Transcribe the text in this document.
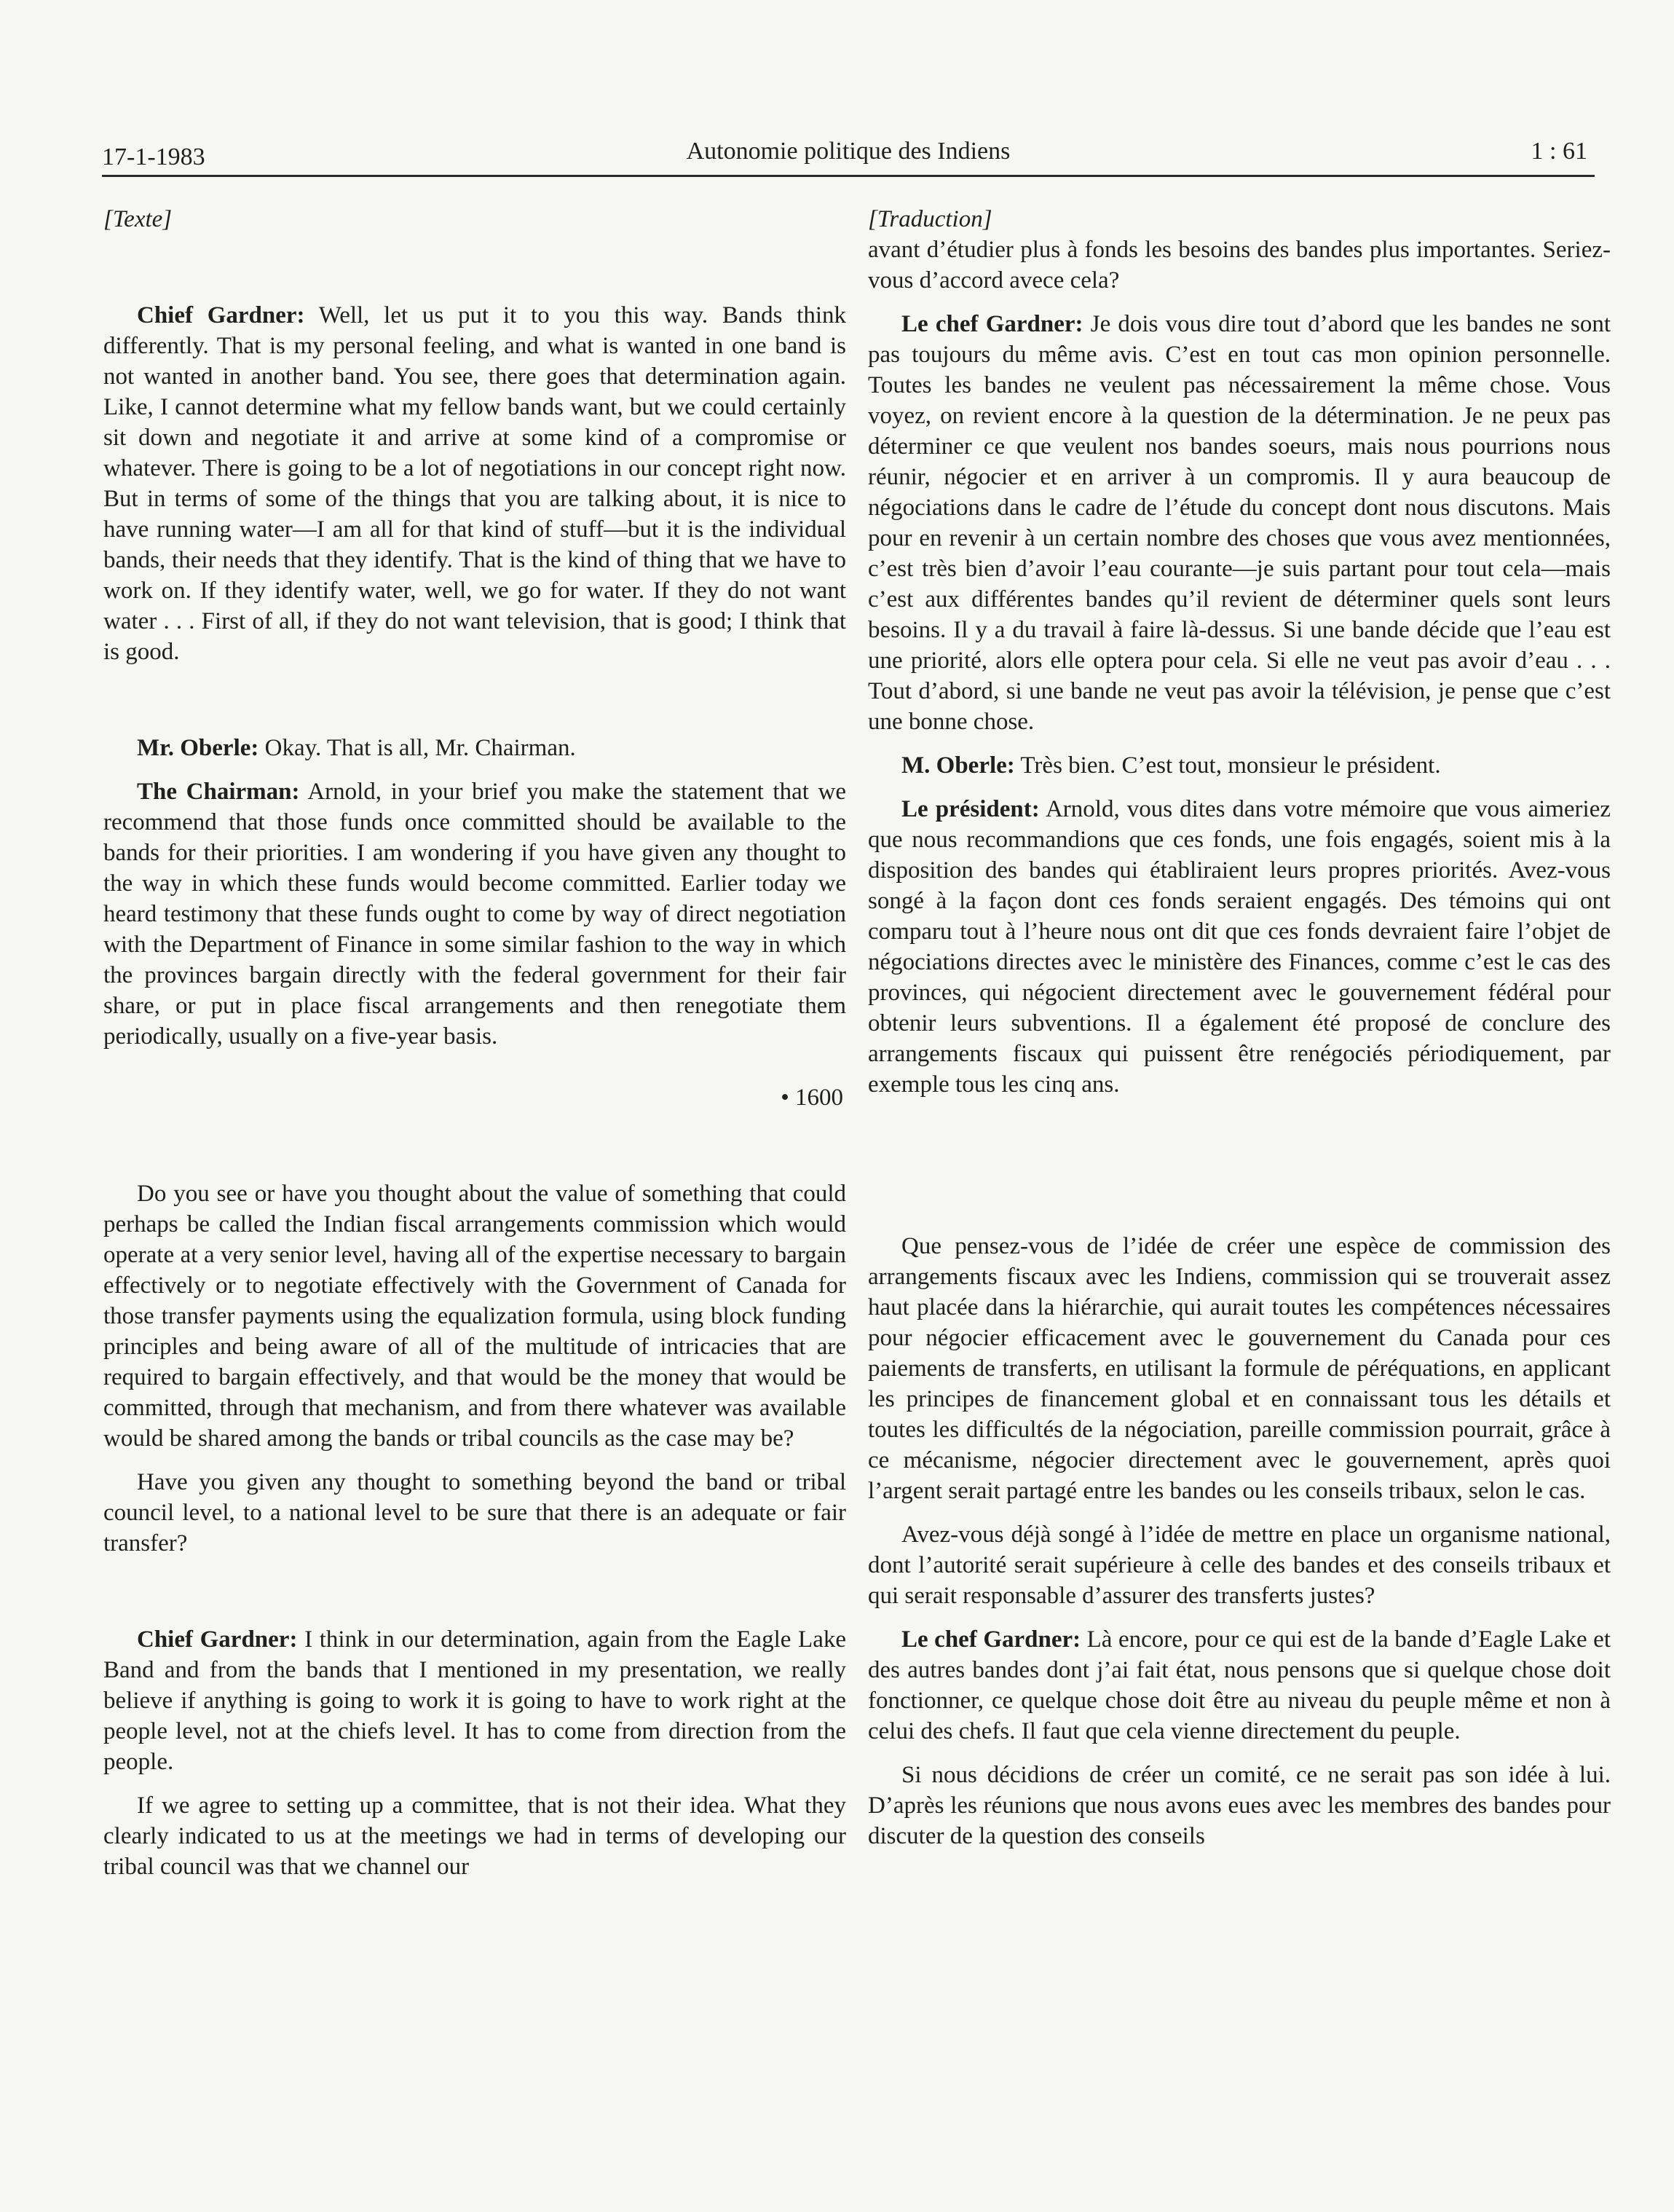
17-1-1983	Autonomie politique des Indiens	1 : 61

[Texte]

Chief Gardner: Well, let us put it to you this way. Bands think differently. That is my personal feeling, and what is wanted in one band is not wanted in another band. You see, there goes that determination again. Like, I cannot determine what my fellow bands want, but we could certainly sit down and negotiate it and arrive at some kind of a compromise or whatever. There is going to be a lot of negotiations in our concept right now. But in terms of some of the things that you are talking about, it is nice to have running water—I am all for that kind of stuff—but it is the individual bands, their needs that they identify. That is the kind of thing that we have to work on. If they identify water, well, we go for water. If they do not want water . . . First of all, if they do not want television, that is good; I think that is good.

Mr. Oberle: Okay. That is all, Mr. Chairman.

The Chairman: Arnold, in your brief you make the statement that we recommend that those funds once committed should be available to the bands for their priorities. I am wondering if you have given any thought to the way in which these funds would become committed. Earlier today we heard testimony that these funds ought to come by way of direct negotiation with the Department of Finance in some similar fashion to the way in which the provinces bargain directly with the federal government for their fair share, or put in place fiscal arrangements and then renegotiate them periodically, usually on a five-year basis.

• 1600

Do you see or have you thought about the value of something that could perhaps be called the Indian fiscal arrangements commission which would operate at a very senior level, having all of the expertise necessary to bargain effectively or to negotiate effectively with the Government of Canada for those transfer payments using the equalization formula, using block funding principles and being aware of all of the multitude of intricacies that are required to bargain effectively, and that would be the money that would be committed, through that mechanism, and from there whatever was available would be shared among the bands or tribal councils as the case may be?

Have you given any thought to something beyond the band or tribal council level, to a national level to be sure that there is an adequate or fair transfer?

Chief Gardner: I think in our determination, again from the Eagle Lake Band and from the bands that I mentioned in my presentation, we really believe if anything is going to work it is going to have to work right at the people level, not at the chiefs level. It has to come from direction from the people.

If we agree to setting up a committee, that is not their idea. What they clearly indicated to us at the meetings we had in terms of developing our tribal council was that we channel our

[Traduction]

avant d’étudier plus à fonds les besoins des bandes plus importantes. Seriez-vous d’accord avece cela?

Le chef Gardner: Je dois vous dire tout d’abord que les bandes ne sont pas toujours du même avis. C’est en tout cas mon opinion personnelle. Toutes les bandes ne veulent pas nécessairement la même chose. Vous voyez, on revient encore à la question de la détermination. Je ne peux pas déterminer ce que veulent nos bandes soeurs, mais nous pourrions nous réunir, négocier et en arriver à un compromis. Il y aura beaucoup de négociations dans le cadre de l’étude du concept dont nous discutons. Mais pour en revenir à un certain nombre des choses que vous avez mentionnées, c’est très bien d’avoir l’eau courante—je suis partant pour tout cela—mais c’est aux différentes bandes qu’il revient de déterminer quels sont leurs besoins. Il y a du travail à faire là-dessus. Si une bande décide que l’eau est une priorité, alors elle optera pour cela. Si elle ne veut pas avoir d’eau . . . Tout d’abord, si une bande ne veut pas avoir la télévision, je pense que c’est une bonne chose.

M. Oberle: Très bien. C’est tout, monsieur le président.

Le président: Arnold, vous dites dans votre mémoire que vous aimeriez que nous recommandions que ces fonds, une fois engagés, soient mis à la disposition des bandes qui établiraient leurs propres priorités. Avez-vous songé à la façon dont ces fonds seraient engagés. Des témoins qui ont comparu tout à l’heure nous ont dit que ces fonds devraient faire l’objet de négociations directes avec le ministère des Finances, comme c’est le cas des provinces, qui négocient directement avec le gouvernement fédéral pour obtenir leurs subventions. Il a également été proposé de conclure des arrangements fiscaux qui puissent être renégociés périodiquement, par exemple tous les cinq ans.

Que pensez-vous de l’idée de créer une espèce de commission des arrangements fiscaux avec les Indiens, commission qui se trouverait assez haut placée dans la hiérarchie, qui aurait toutes les compétences nécessaires pour négocier efficacement avec le gouvernement du Canada pour ces paiements de transferts, en utilisant la formule de péréquations, en applicant les principes de financement global et en connaissant tous les détails et toutes les difficultés de la négociation, pareille commission pourrait, grâce à ce mécanisme, négocier directement avec le gouvernement, après quoi l’argent serait partagé entre les bandes ou les conseils tribaux, selon le cas.

Avez-vous déjà songé à l’idée de mettre en place un organisme national, dont l’autorité serait supérieure à celle des bandes et des conseils tribaux et qui serait responsable d’assurer des transferts justes?

Le chef Gardner: Là encore, pour ce qui est de la bande d’Eagle Lake et des autres bandes dont j’ai fait état, nous pensons que si quelque chose doit fonctionner, ce quelque chose doit être au niveau du peuple même et non à celui des chefs. Il faut que cela vienne directement du peuple.

Si nous décidions de créer un comité, ce ne serait pas son idée à lui. D’après les réunions que nous avons eues avec les membres des bandes pour discuter de la question des conseils
